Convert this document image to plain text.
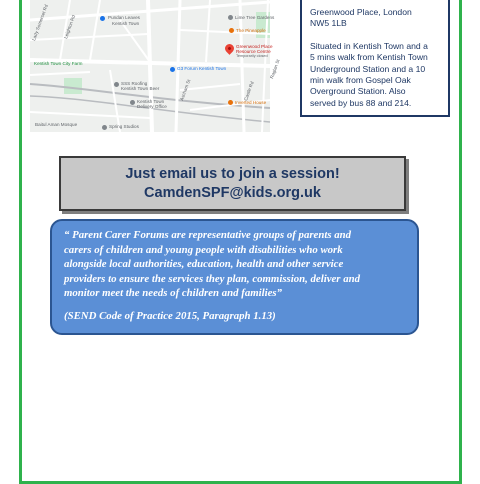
Pundan Leaves
Kentish Town
Lime Tree Gardens
The Pineapple
Greenwood Place
Resource Centre
Temporarily closed
G3 Forum Kentish Town
Kentish Town City Farm
SSS Roofing
Kentish Town Beer
Kentish Town
Delivery Office
Inverted House
Baitul Aman Mosque	Spring Studios
Lady Somerset Rd	Leighton Rd
Ascham St
Raglan St
Castle Rd

Greenwood Place, London

NW5 1LB

Situated in Kentish Town and a

5 mins walk from Kentish Town

Underground Station and a 10

min walk from Gospel Oak

Overground Station. Also

served by bus 88 and 214.

Just email us to join a session!
CamdenSPF@kids.org.uk
“ Parent Carer Forums are representative groups of parents and
carers of children and young people with disabilities who work
alongside local authorities, education, health and other service
providers to ensure the services they plan, commission, deliver and
monitor meet the needs of children and families”
(SEND Code of Practice 2015, Paragraph 1.13)
